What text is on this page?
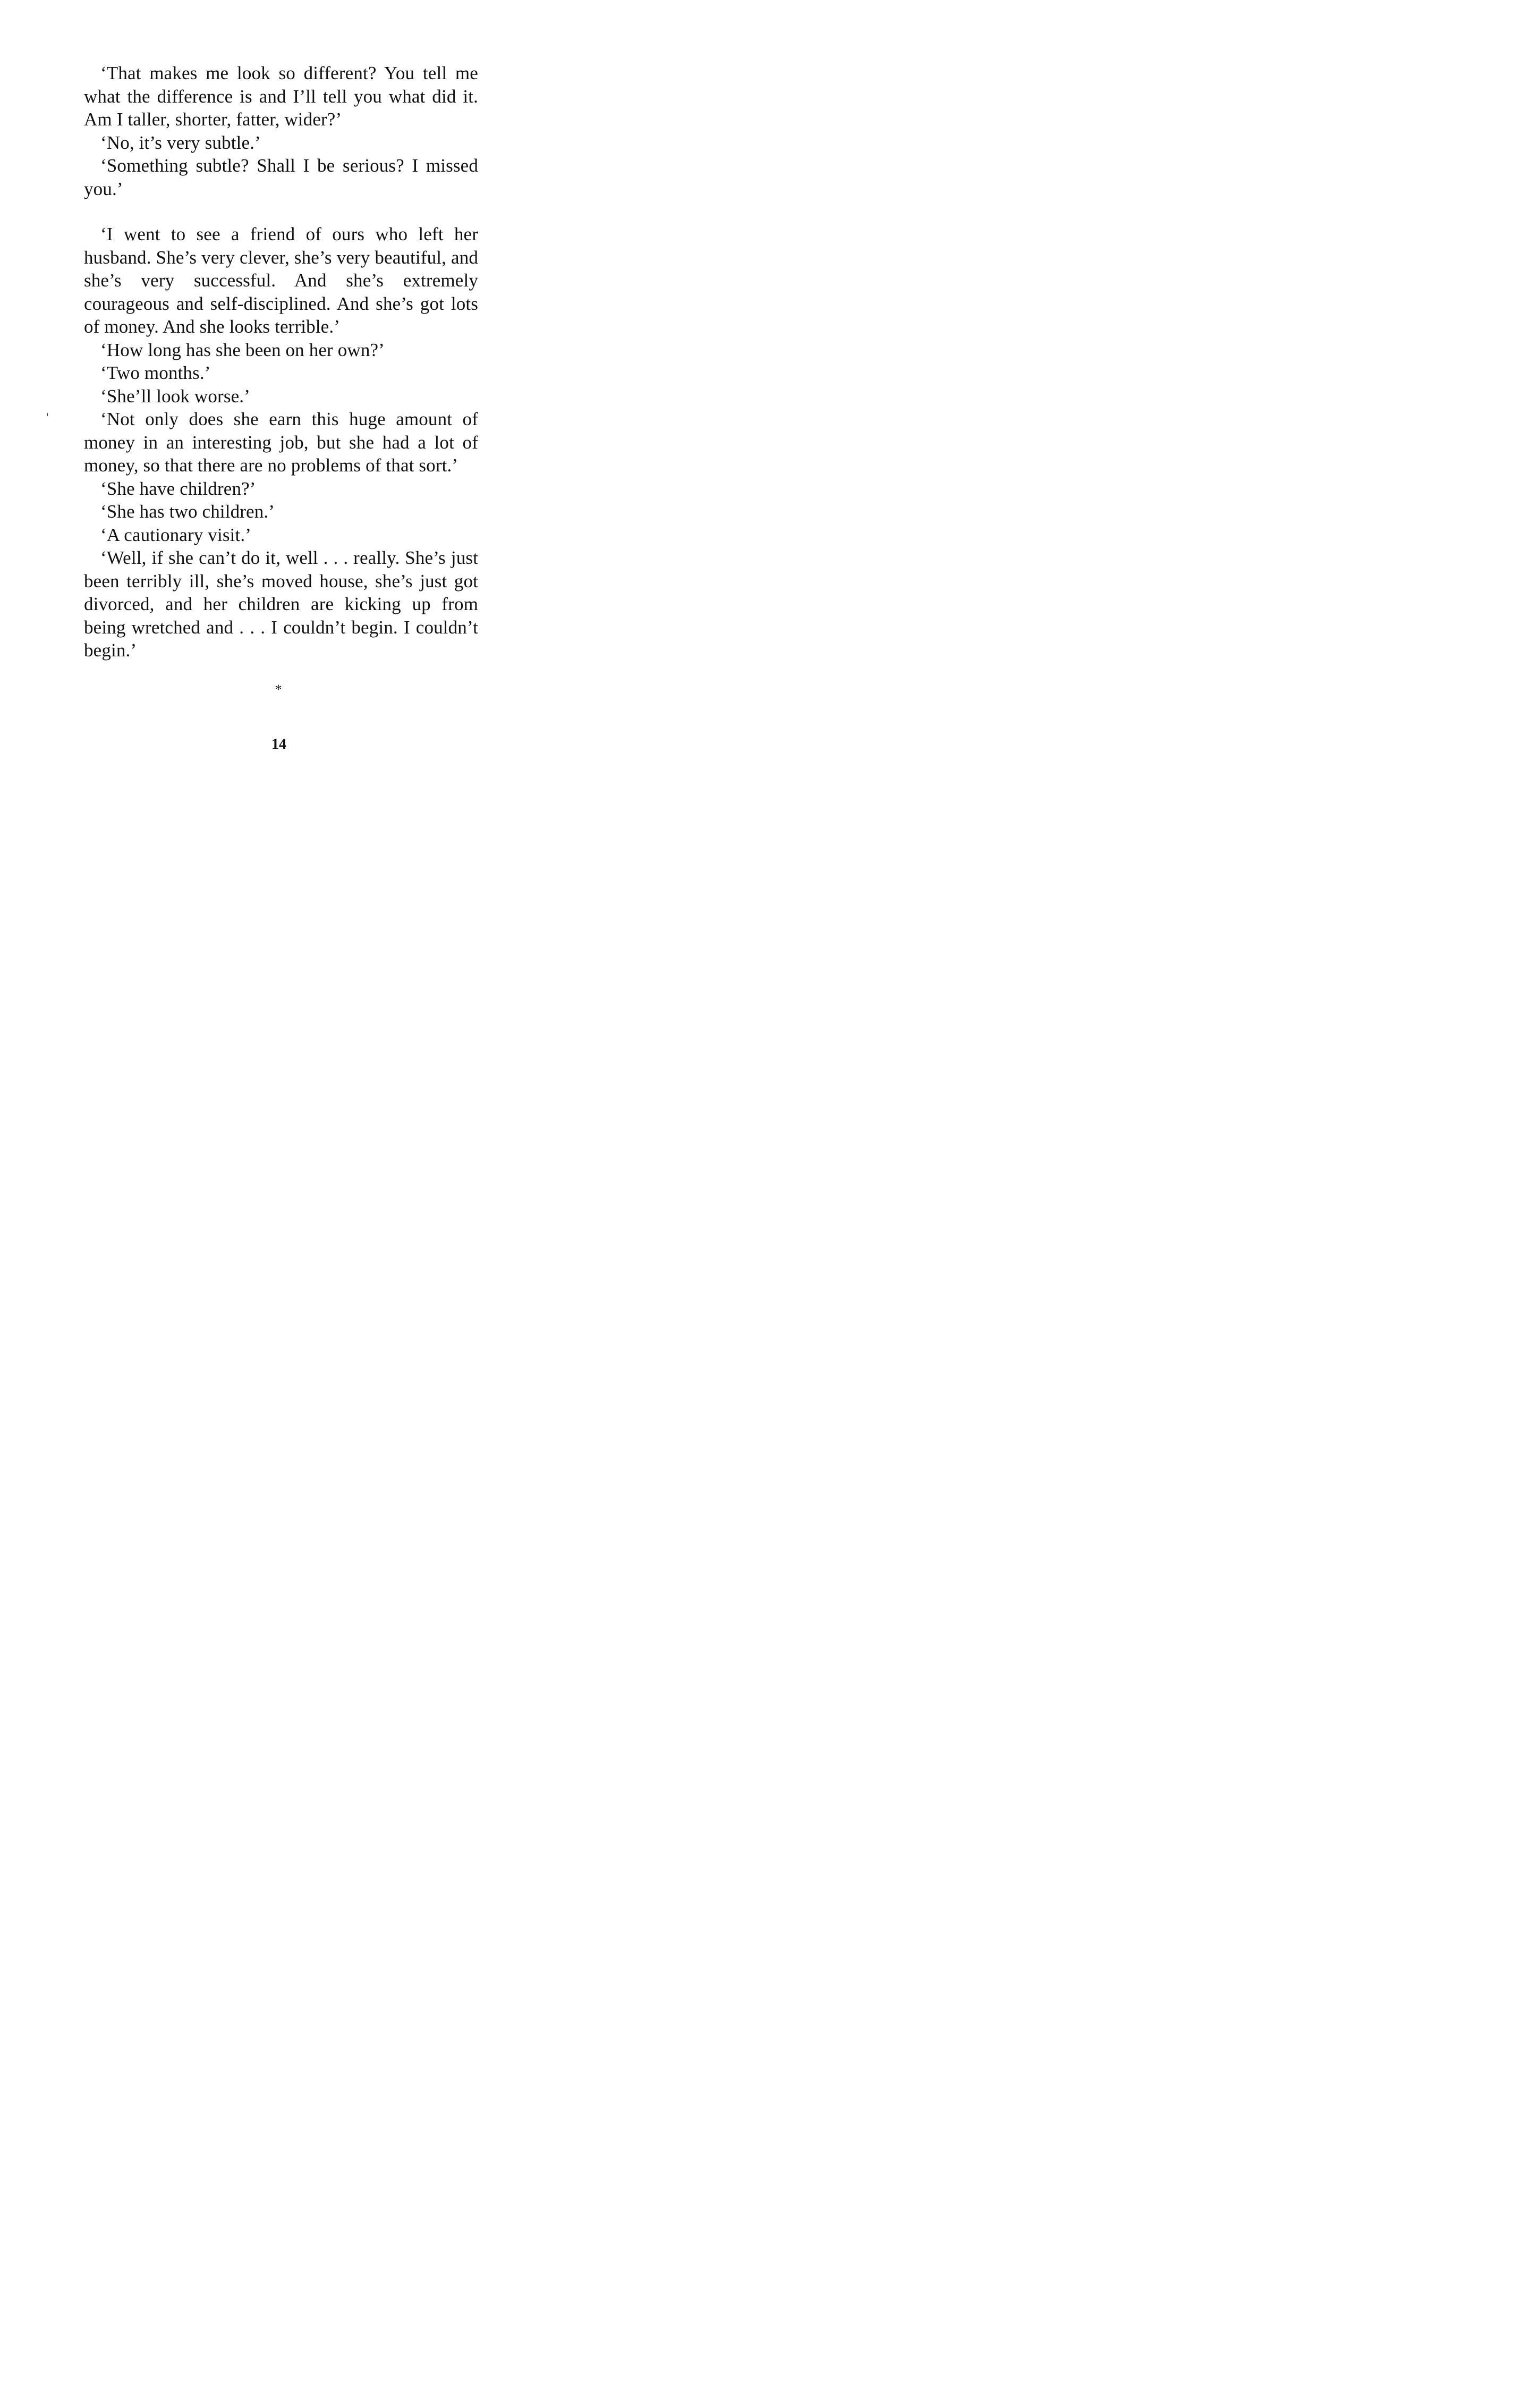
‘That makes me look so different? You tell me what the difference is and I’ll tell you what did it. Am I taller, shorter, fatter, wider?’

‘No, it’s very subtle.’

‘Something subtle? Shall I be serious? I missed you.’

‘I went to see a friend of ours who left her husband. She’s very clever, she’s very beautiful, and she’s very successful. And she’s extremely courageous and self-disciplined. And she’s got lots of money. And she looks terrible.’

‘How long has she been on her own?’

‘Two months.’

‘She’ll look worse.’

‘Not only does she earn this huge amount of money in an interesting job, but she had a lot of money, so that there are no problems of that sort.’

‘She have children?’

‘She has two children.’

‘A cautionary visit.’

‘Well, if she can’t do it, well . . . really. She’s just been terribly ill, she’s moved house, she’s just got divorced, and her children are kicking up from being wretched and . . . I couldn’t begin. I couldn’t begin.’

*
14
